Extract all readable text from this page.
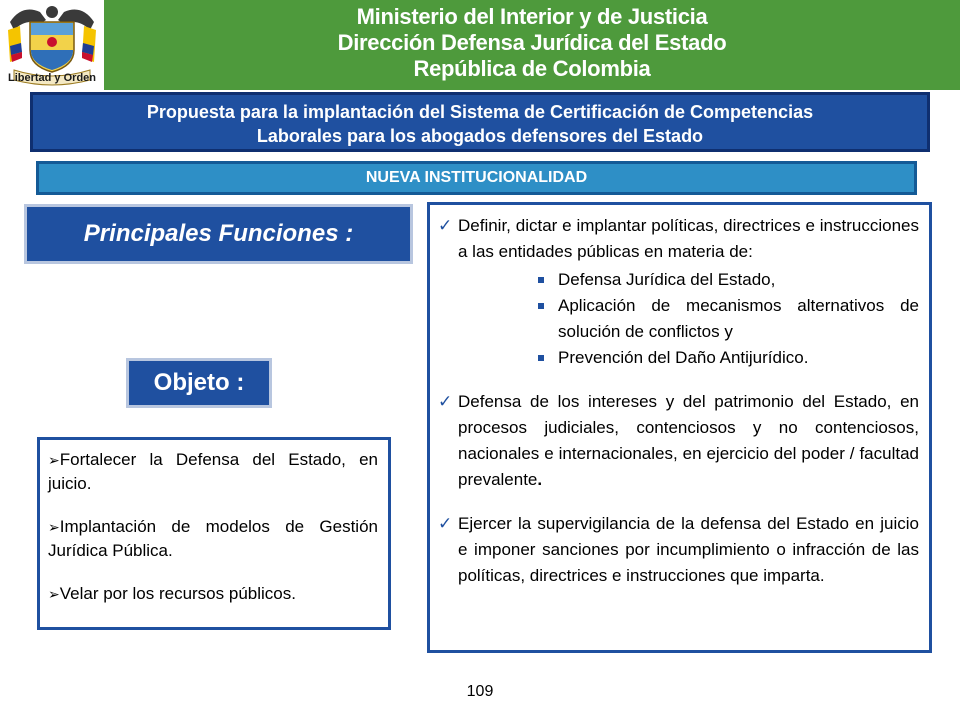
Libertad y Orden
Ministerio del Interior y de Justicia
Dirección Defensa Jurídica del Estado
República de Colombia
Propuesta para la implantación del Sistema de Certificación de Competencias
Laborales para los abogados defensores del Estado
NUEVA INSTITUCIONALIDAD
Principales Funciones :
Objeto :
➢Fortalecer la Defensa del Estado, en juicio.
➢Implantación de modelos de Gestión Jurídica Pública.
➢Velar por los recursos públicos.
✓ Definir, dictar e implantar políticas, directrices e instrucciones a las entidades públicas en materia de:
Defensa Jurídica del Estado,
Aplicación de mecanismos alternativos de solución de conflictos y
Prevención del Daño Antijurídico.
✓ Defensa de los intereses y del patrimonio del Estado, en procesos judiciales, contenciosos y no contenciosos, nacionales e internacionales, en ejercicio del poder / facultad prevalente.
✓ Ejercer la supervigilancia de la defensa del Estado en juicio e imponer sanciones por incumplimiento o infracción de las políticas, directrices e instrucciones que imparta.
109
